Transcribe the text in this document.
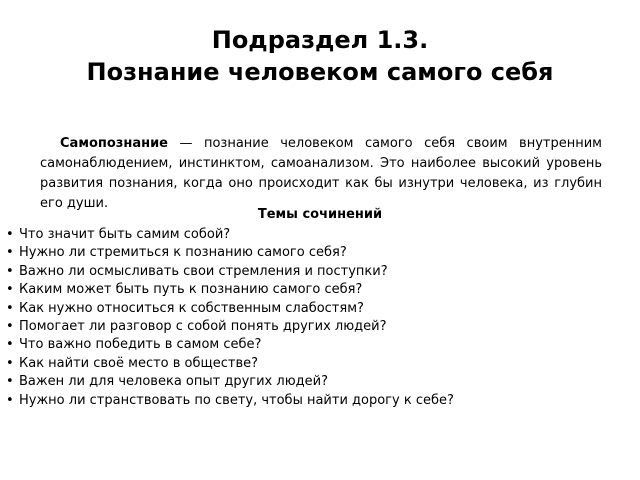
Подраздел 1.3.
Познание человеком самого себя

Самопознание — познание человеком самого себя своим внутренним самонаблюдением, инстинктом, самоанализом. Это наиболее высокий уровень развития познания, когда оно происходит как бы изнутри человека, из глубин его души.

Темы сочинений

• Что значит быть самим собой?
• Нужно ли стремиться к познанию самого себя?
• Важно ли осмысливать свои стремления и поступки?
• Каким может быть путь к познанию самого себя?
• Как нужно относиться к собственным слабостям?
• Помогает ли разговор с собой понять других людей?
• Что важно победить в самом себе?
• Как найти своё место в обществе?
• Важен ли для человека опыт других людей?
• Нужно ли странствовать по свету, чтобы найти дорогу к себе?
